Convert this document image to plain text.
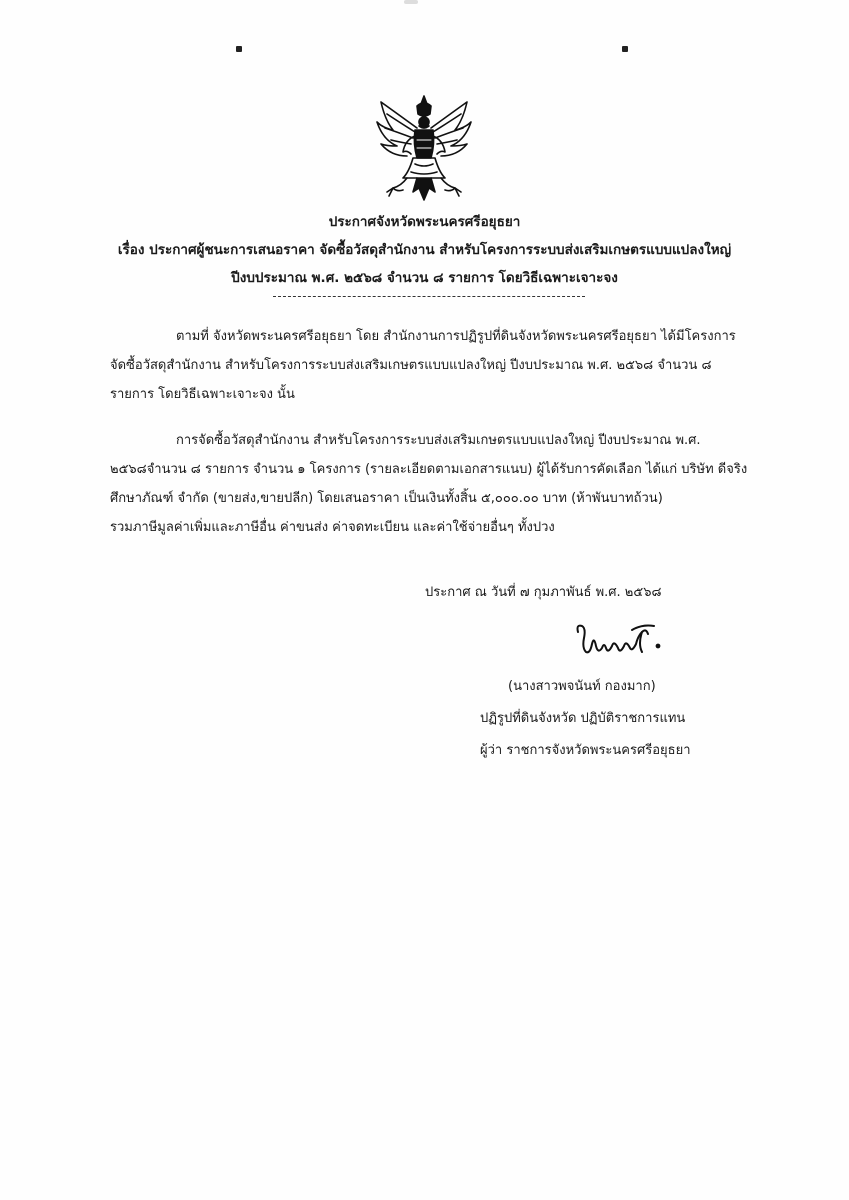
ประกาศจังหวัดพระนครศรีอยุธยา
เรื่อง ประกาศผู้ชนะการเสนอราคา จัดซื้อวัสดุสำนักงาน สำหรับโครงการระบบส่งเสริมเกษตรแบบแปลงใหญ่
ปีงบประมาณ พ.ศ. ๒๕๖๘ จำนวน ๘ รายการ โดยวิธีเฉพาะเจาะจง
ตามที่ จังหวัดพระนครศรีอยุธยา โดย สำนักงานการปฏิรูปที่ดินจังหวัดพระนครศรีอยุธยา ได้มีโครงการ
จัดซื้อวัสดุสำนักงาน สำหรับโครงการระบบส่งเสริมเกษตรแบบแปลงใหญ่ ปีงบประมาณ พ.ศ. ๒๕๖๘ จำนวน ๘
รายการ โดยวิธีเฉพาะเจาะจง นั้น
การจัดซื้อวัสดุสำนักงาน สำหรับโครงการระบบส่งเสริมเกษตรแบบแปลงใหญ่ ปีงบประมาณ พ.ศ.
๒๕๖๘จำนวน ๘ รายการ จำนวน ๑ โครงการ (รายละเอียดตามเอกสารแนบ) ผู้ได้รับการคัดเลือก ได้แก่ บริษัท ดีจริง
ศึกษาภัณฑ์ จำกัด (ขายส่ง,ขายปลีก) โดยเสนอราคา เป็นเงินทั้งสิ้น ๕,๐๐๐.๐๐ บาท (ห้าพันบาทถ้วน)
รวมภาษีมูลค่าเพิ่มและภาษีอื่น ค่าขนส่ง ค่าจดทะเบียน และค่าใช้จ่ายอื่นๆ ทั้งปวง
ประกาศ ณ วันที่ ๗ กุมภาพันธ์ พ.ศ. ๒๕๖๘
(นางสาวพจนันท์ กองมาก)
ปฏิรูปที่ดินจังหวัด ปฏิบัติราชการแทน
ผู้ว่า ราชการจังหวัดพระนครศรีอยุธยา
